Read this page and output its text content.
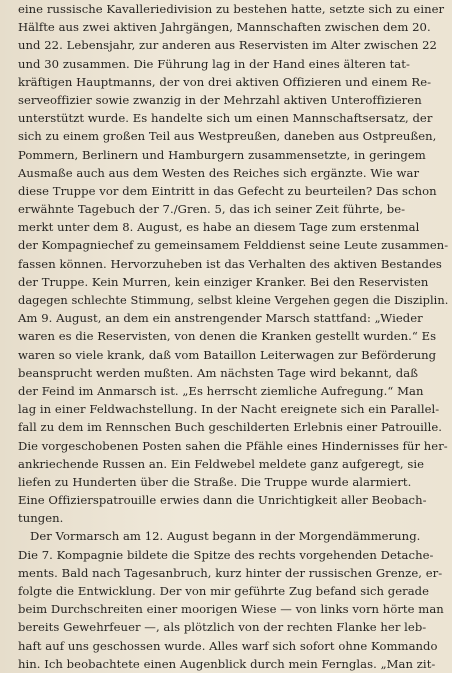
eine russische Kavalleriedivision zu bestehen hatte, setzte sich zu einer
Hälfte aus zwei aktiven Jahrgängen, Mannschaften zwischen dem 20.
und 22. Lebensjahr, zur anderen aus Reservisten im Alter zwischen 22
und 30 zusammen. Die Führung lag in der Hand eines älteren tat-
kräftigen Hauptmanns, der von drei aktiven Offizieren und einem Re-
serveoffizier sowie zwanzig in der Mehrzahl aktiven Unteroffizieren
unterstützt wurde. Es handelte sich um einen Mannschaftsersatz, der
sich zu einem großen Teil aus Westpreußen, daneben aus Ostpreußen,
Pommern, Berlinern und Hamburgern zusammensetzte, in geringem
Ausmaße auch aus dem Westen des Reiches sich ergänzte. Wie war
diese Truppe vor dem Eintritt in das Gefecht zu beurteilen? Das schon
erwähnte Tagebuch der 7./Gren. 5, das ich seiner Zeit führte, be-
merkt unter dem 8. August, es habe an diesem Tage zum erstenmal
der Kompagniechef zu gemeinsamem Felddienst seine Leute zusammen-
fassen können. Hervorzuheben ist das Verhalten des aktiven Bestandes
der Truppe. Kein Murren, kein einziger Kranker. Bei den Reservisten
dagegen schlechte Stimmung, selbst kleine Vergehen gegen die Disziplin.
Am 9. August, an dem ein anstrengender Marsch stattfand: „Wieder
waren es die Reservisten, von denen die Kranken gestellt wurden.“ Es
waren so viele krank, daß vom Bataillon Leiterwagen zur Beförderung
beansprucht werden mußten. Am nächsten Tage wird bekannt, daß
der Feind im Anmarsch ist. „Es herrscht ziemliche Aufregung.“ Man
lag in einer Feldwachstellung. In der Nacht ereignete sich ein Parallel-
fall zu dem im Rennschen Buch geschilderten Erlebnis einer Patrouille.
Die vorgeschobenen Posten sahen die Pfähle eines Hindernisses für her-
ankriechende Russen an. Ein Feldwebel meldete ganz aufgeregt, sie
liefen zu Hunderten über die Straße. Die Truppe wurde alarmiert.
Eine Offizierspatrouille erwies dann die Unrichtigkeit aller Beobach-
tungen.
Der Vormarsch am 12. August begann in der Morgendämmerung.
Die 7. Kompagnie bildete die Spitze des rechts vorgehenden Detache-
ments. Bald nach Tagesanbruch, kurz hinter der russischen Grenze, er-
folgte die Entwicklung. Der von mir geführte Zug befand sich gerade
beim Durchschreiten einer moorigen Wiese — von links vorn hörte man
bereits Gewehrfeuer —, als plötzlich von der rechten Flanke her leb-
haft auf uns geschossen wurde. Alles warf sich sofort ohne Kommando
hin. Ich beobachtete einen Augenblick durch mein Fernglas. „Man zit-
